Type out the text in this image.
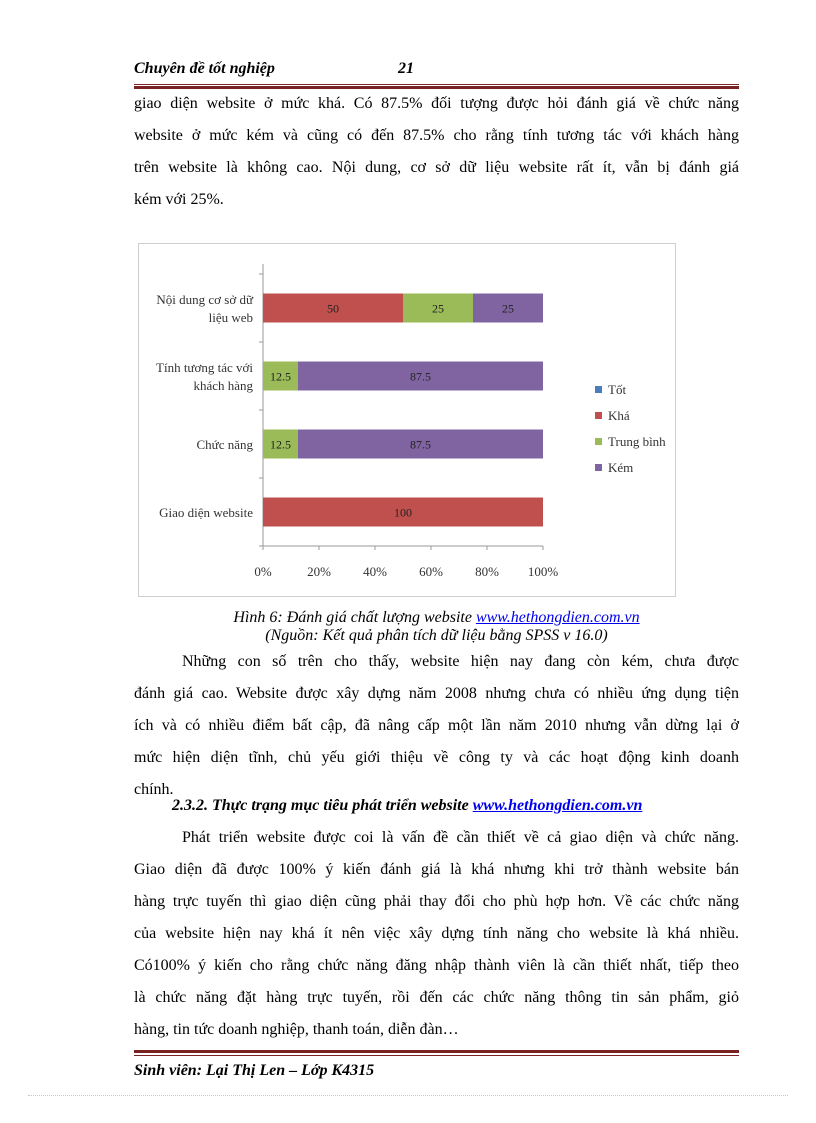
Chuyên đề tốt nghiệp	21
giao diện website ở mức khá. Có 87.5% đối tượng được hỏi đánh giá về chức năng
website ở mức kém và cũng có đến 87.5% cho rằng tính tương tác với khách hàng
trên website là không cao. Nội dung, cơ sở dữ liệu website rất ít, vẫn bị đánh giá
kém với 25%.
0%	20% 40% 60% 80% 100%
Nội dung cơ sở dữ
liệu web
50	25	25
Tính tương tác với
khách hàng
12.5	87.5
Chức năng 12.5	87.5
Giao diện website	100
Tốt
Khá
Trung bình
Kém
Hình 6: Đánh giá chất lượng website www.hethongdien.com.vn
(Nguồn: Kết quả phân tích dữ liệu bằng SPSS v 16.0)
Những con số trên cho thấy, website hiện nay đang còn kém, chưa được
đánh giá cao. Website được xây dựng năm 2008 nhưng chưa có nhiều ứng dụng tiện
ích và có nhiều điểm bất cập, đã nâng cấp một lần năm 2010 nhưng vẫn dừng lại ở
mức hiện diện tĩnh, chủ yếu giới thiệu về công ty và các hoạt động kinh doanh
chính.
2.3.2. Thực trạng mục tiêu phát triển website www.hethongdien.com.vn
Phát triển website được coi là vấn đề cần thiết về cả giao diện và chức năng.
Giao diện đã được 100% ý kiến đánh giá là khá nhưng khi trở thành website bán
hàng trực tuyến thì giao diện cũng phải thay đổi cho phù hợp hơn. Về các chức năng
của website hiện nay khá ít nên việc xây dựng tính năng cho website là khá nhiều.
Có100% ý kiến cho rằng chức năng đăng nhập thành viên là cần thiết nhất, tiếp theo
là chức năng đặt hàng trực tuyến, rồi đến các chức năng thông tin sản phẩm, giỏ
hàng, tin tức doanh nghiệp, thanh toán, diễn đàn…
Sinh viên: Lại Thị Len – Lớp K4315
